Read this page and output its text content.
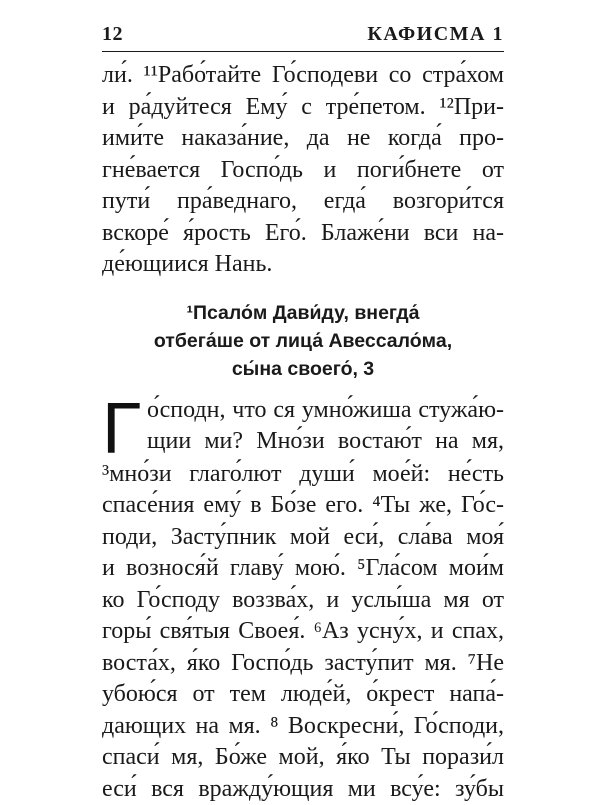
12	КАФИСМА 1
ли́. ¹¹Рабо́тайте Го́сподеви со стра́хом
и ра́дуйтеся Ему́ с тре́петом. ¹²При-
ими́те наказа́ние, да не когда́ про-
гне́вается Госпо́дь и поги́бнете от
пути́ пра́веднаго, егда́ возгори́тся
вскоре́ я́рость Его́. Блаже́ни вси на-
де́ющиися Нань.
¹Псало́м Дави́ду, внегда́
отбега́ше от лица́ Авессало́ма,
сы́на своего́, 3
Г о́сподн, что ся умно́жиша стужа́ю-
щии ми? Мно́зи востаю́т на мя,
³мно́зи глаго́лют души́ мое́й: не́сть
спасе́ния ему́ в Бо́зе его. ⁴Ты же, Го́с-
поди, Засту́пник мой еси́, сла́ва моя́
и вознося́й главу́ мою́. ⁵Гла́сом мои́м
ко Го́споду воззва́х, и услы́ша мя от
горы́ свя́тыя Своея́. ⁶Аз усну́х, и спах,
воста́х, я́ко Госпо́дь засту́пит мя. ⁷Не
убою́ся от тем люде́й, о́крест напа́-
дающих на мя. ⁸ Воскресни́, Го́споди,
спаси́ мя, Бо́же мой, я́ко Ты порази́л
еси́ вся вражду́ющия ми всу́е: зу́бы
